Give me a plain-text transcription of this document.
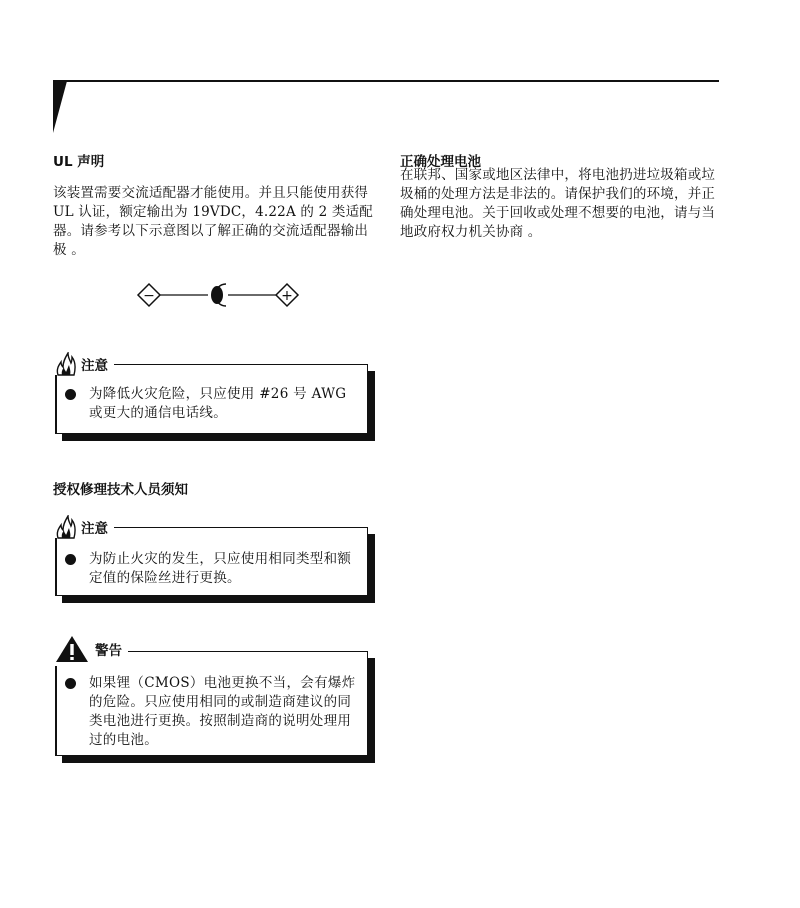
UL 声明
该装置需要交流适配器才能使用。并且只能使用获得 UL 认证，额定输出为 19VDC，4.22A 的 2 类适配器。请参考以下示意图以了解正确的交流适配器输出极 。
−	+
注意
为降低火灾危险，只应使用 #26 号 AWG 或更大的通信电话线。
授权修理技术人员须知
注意
为防止火灾的发生，只应使用相同类型和额定值的保险丝进行更换。
警告
如果锂（CMOS）电池更换不当，会有爆炸的危险。只应使用相同的或制造商建议的同类电池进行更换。按照制造商的说明处理用过的电池。
正确处理电池
在联邦、国家或地区法律中，将电池扔进垃圾箱或垃圾桶的处理方法是非法的。请保护我们的环境，并正确处理电池。关于回收或处理不想要的电池，请与当地政府权力机关协商 。
